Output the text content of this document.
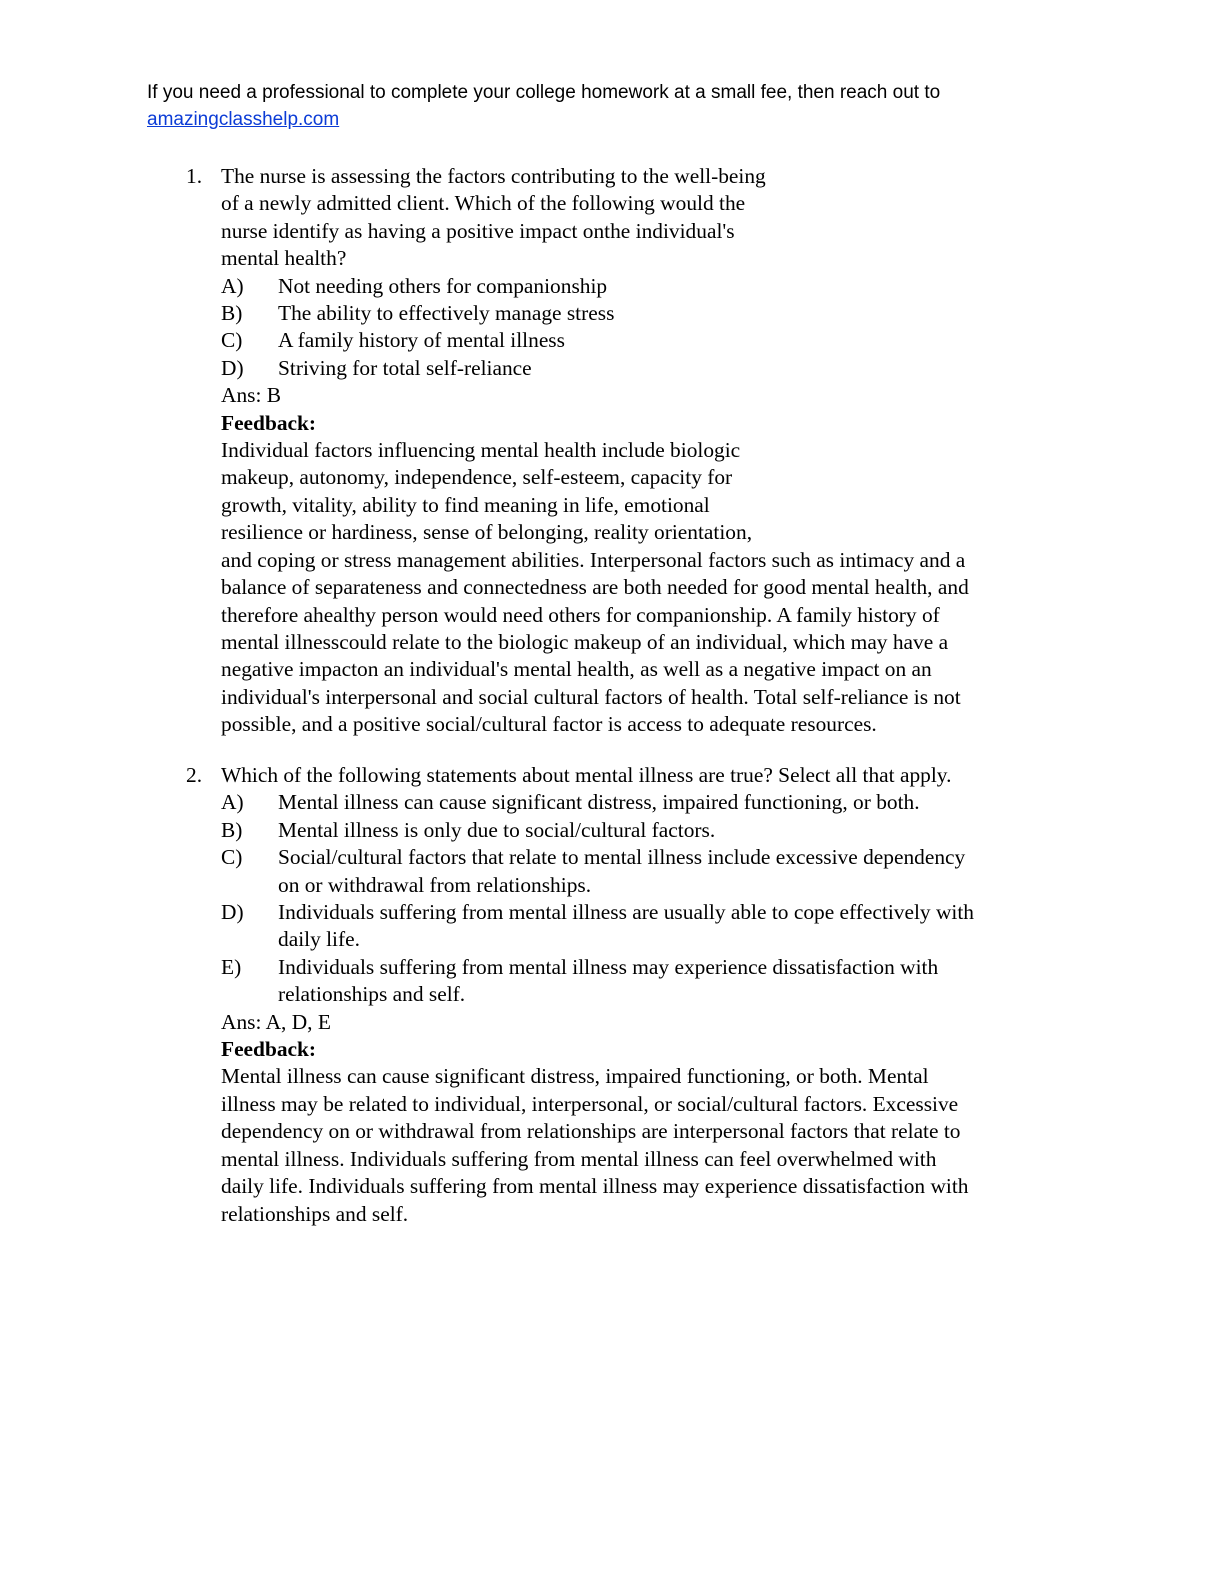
If you need a professional to complete your college homework at a small fee, then reach out to
amazingclasshelp.com
1. The nurse is assessing the factors contributing to the well-being
of a newly admitted client. Which of the following would the
nurse identify as having a positive impact onthe individual's
mental health?
A)	Not needing others for companionship
B)	The ability to effectively manage stress
C)	A family history of mental illness
D)	Striving for total self-reliance
Ans: B
Feedback:
Individual factors influencing mental health include biologic
makeup, autonomy, independence, self-esteem, capacity for
growth, vitality, ability to find meaning in life, emotional
resilience or hardiness, sense of belonging, reality orientation,
and coping or stress management abilities. Interpersonal factors such as intimacy and a
balance of separateness and connectedness are both needed for good mental health, and
therefore ahealthy person would need others for companionship. A family history of
mental illnesscould relate to the biologic makeup of an individual, which may have a
negative impacton an individual's mental health, as well as a negative impact on an
individual's interpersonal and social cultural factors of health. Total self-reliance is not
possible, and a positive social/cultural factor is access to adequate resources.
2. Which of the following statements about mental illness are true? Select all that apply.
A)	Mental illness can cause significant distress, impaired functioning, or both.
B)	Mental illness is only due to social/cultural factors.
C)	Social/cultural factors that relate to mental illness include excessive dependency
on or withdrawal from relationships.
D)	Individuals suffering from mental illness are usually able to cope effectively with
daily life.
E)	Individuals suffering from mental illness may experience dissatisfaction with
relationships and self.
Ans: A, D, E
Feedback:
Mental illness can cause significant distress, impaired functioning, or both. Mental
illness may be related to individual, interpersonal, or social/cultural factors. Excessive
dependency on or withdrawal from relationships are interpersonal factors that relate to
mental illness. Individuals suffering from mental illness can feel overwhelmed with
daily life. Individuals suffering from mental illness may experience dissatisfaction with
relationships and self.
